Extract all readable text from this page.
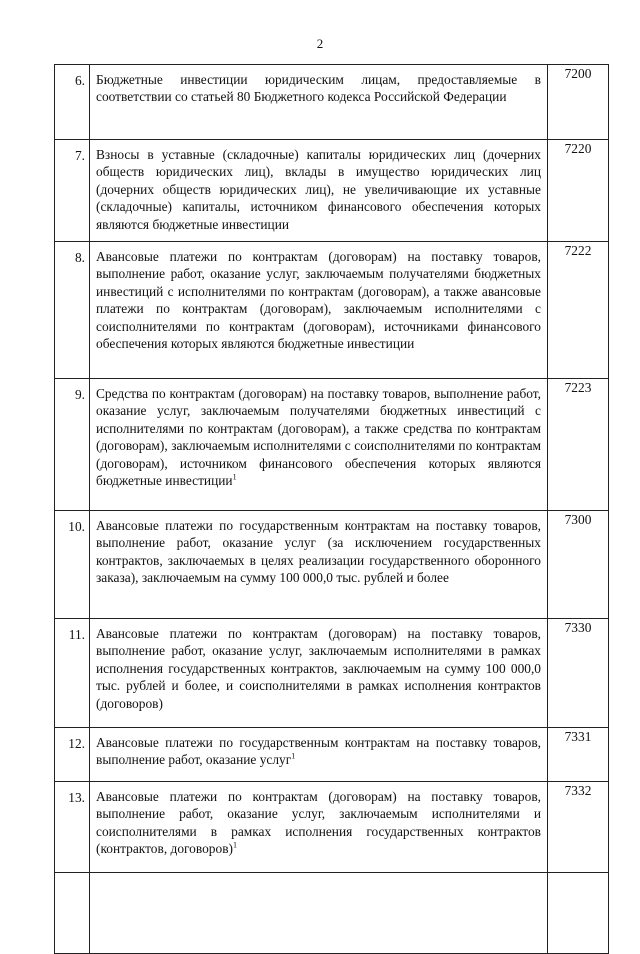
2
6.	Бюджетные инвестиции юридическим лицам, предоставляемые в соответствии со статьей 80 Бюджетного кодекса Российской Федерации	7200
7.	Взносы в уставные (складочные) капиталы юридических лиц (дочерних обществ юридических лиц), вклады в имущество юридических лиц (дочерних обществ юридических лиц), не увеличивающие их уставные (складочные) капиталы, источником финансового обеспечения которых являются бюджетные инвестиции	7220
8.	Авансовые платежи по контрактам (договорам) на поставку товаров, выполнение работ, оказание услуг, заключаемым получателями бюджетных инвестиций с исполнителями по контрактам (договорам), а также авансовые платежи по контрактам (договорам), заключаемым исполнителями с соисполнителями по контрактам (договорам), источниками финансового обеспечения которых являются бюджетные инвестиции	7222
9.	Средства по контрактам (договорам) на поставку товаров, выполнение работ, оказание услуг, заключаемым получателями бюджетных инвестиций с исполнителями по контрактам (договорам), а также средства по контрактам (договорам), заключаемым исполнителями с соисполнителями по контрактам (договорам), источником финансового обеспечения которых являются бюджетные инвестиции$^1$	7223
10.	Авансовые платежи по государственным контрактам на поставку товаров, выполнение работ, оказание услуг (за исключением государственных контрактов, заключаемых в целях реализации государственного оборонного заказа), заключаемым на сумму 100 000,0 тыс. рублей и более	7300
11.	Авансовые платежи по контрактам (договорам) на поставку товаров, выполнение работ, оказание услуг, заключаемым исполнителями в рамках исполнения государственных контрактов, заключаемым на сумму 100 000,0 тыс. рублей и более, и соисполнителями в рамках исполнения контрактов (договоров)	7330
12.	Авансовые платежи по государственным контрактам на поставку товаров, выполнение работ, оказание услуг$^1$	7331
13.	Авансовые платежи по контрактам (договорам) на поставку товаров, выполнение работ, оказание услуг, заключаемым исполнителями и соисполнителями в рамках исполнения государственных контрактов (контрактов, договоров)$^1$	7332
